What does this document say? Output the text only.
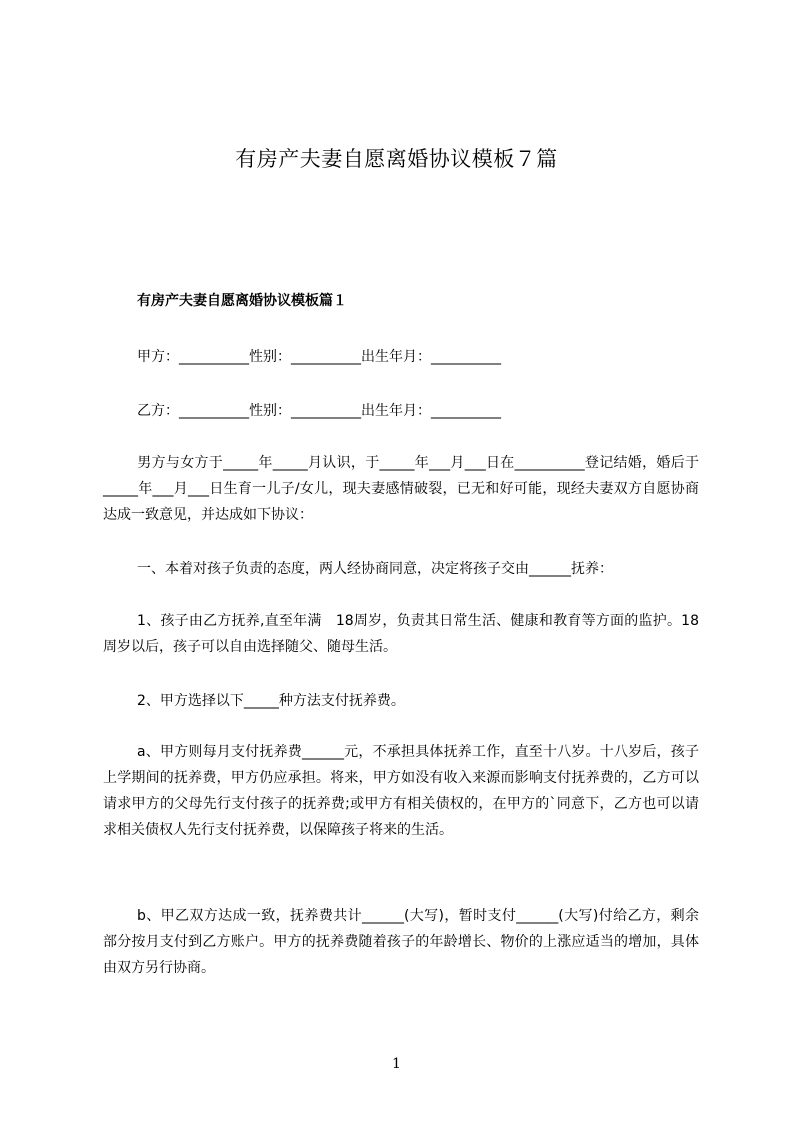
有房产夫妻自愿离婚协议模板７篇
有房产夫妻自愿离婚协议模板篇１
甲方：__________性别：__________出生年月：__________
乙方：__________性别：__________出生年月：__________
男方与女方于_____年_____月认识，于_____年___月___日在__________登记结婚，婚后于_____年___月___日生育一儿子/女儿，现夫妻感情破裂，已无和好可能，现经夫妻双方自愿协商达成一致意见，并达成如下协议：
一、本着对孩子负责的态度，两人经协商同意，决定将孩子交由______抚养：
1、孩子由乙方抚养,直至年满　18周岁，负责其日常生活、健康和教育等方面的监护。18周岁以后，孩子可以自由选择随父、随母生活。
2、甲方选择以下_____种方法支付抚养费。
a、甲方则每月支付抚养费______元，不承担具体抚养工作，直至十八岁。十八岁后，孩子上学期间的抚养费，甲方仍应承担。将来，甲方如没有收入来源而影响支付抚养费的，乙方可以请求甲方的父母先行支付孩子的抚养费;或甲方有相关债权的，在甲方的`同意下，乙方也可以请求相关债权人先行支付抚养费，以保障孩子将来的生活。
b、甲乙双方达成一致，抚养费共计______(大写)，暂时支付______(大写)付给乙方，剩余部分按月支付到乙方账户。甲方的抚养费随着孩子的年龄增长、物价的上涨应适当的增加，具体由双方另行协商。
1
